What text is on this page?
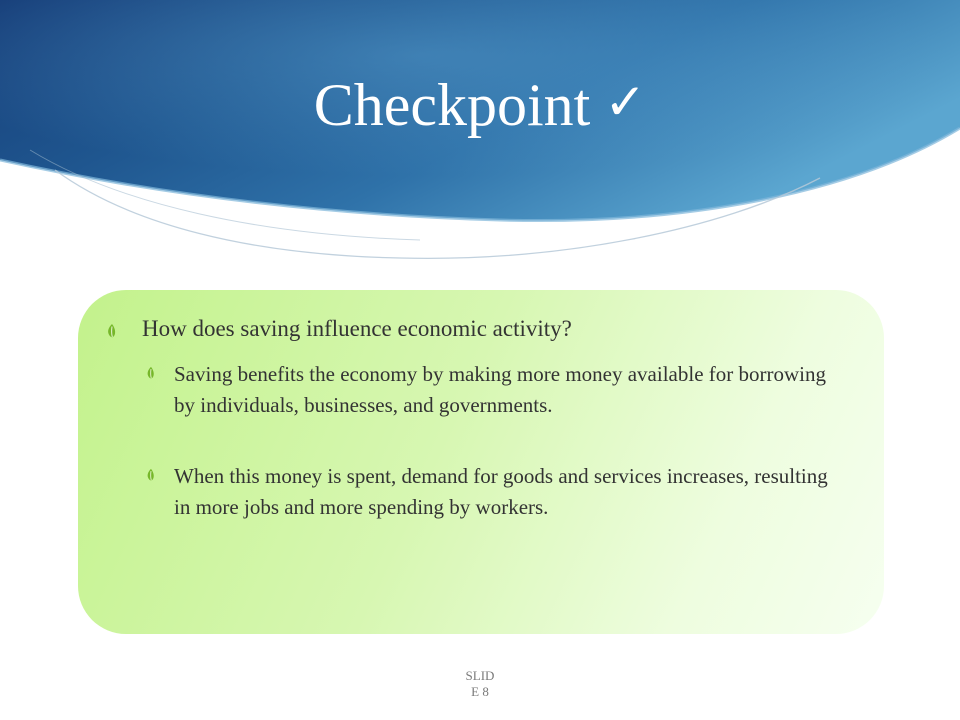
Checkpoint ✓
How does saving influence economic activity?
Saving benefits the economy by making more money available for borrowing by individuals, businesses, and governments.
When this money is spent, demand for goods and services increases, resulting in more jobs and more spending by workers.
SLID
E 8
